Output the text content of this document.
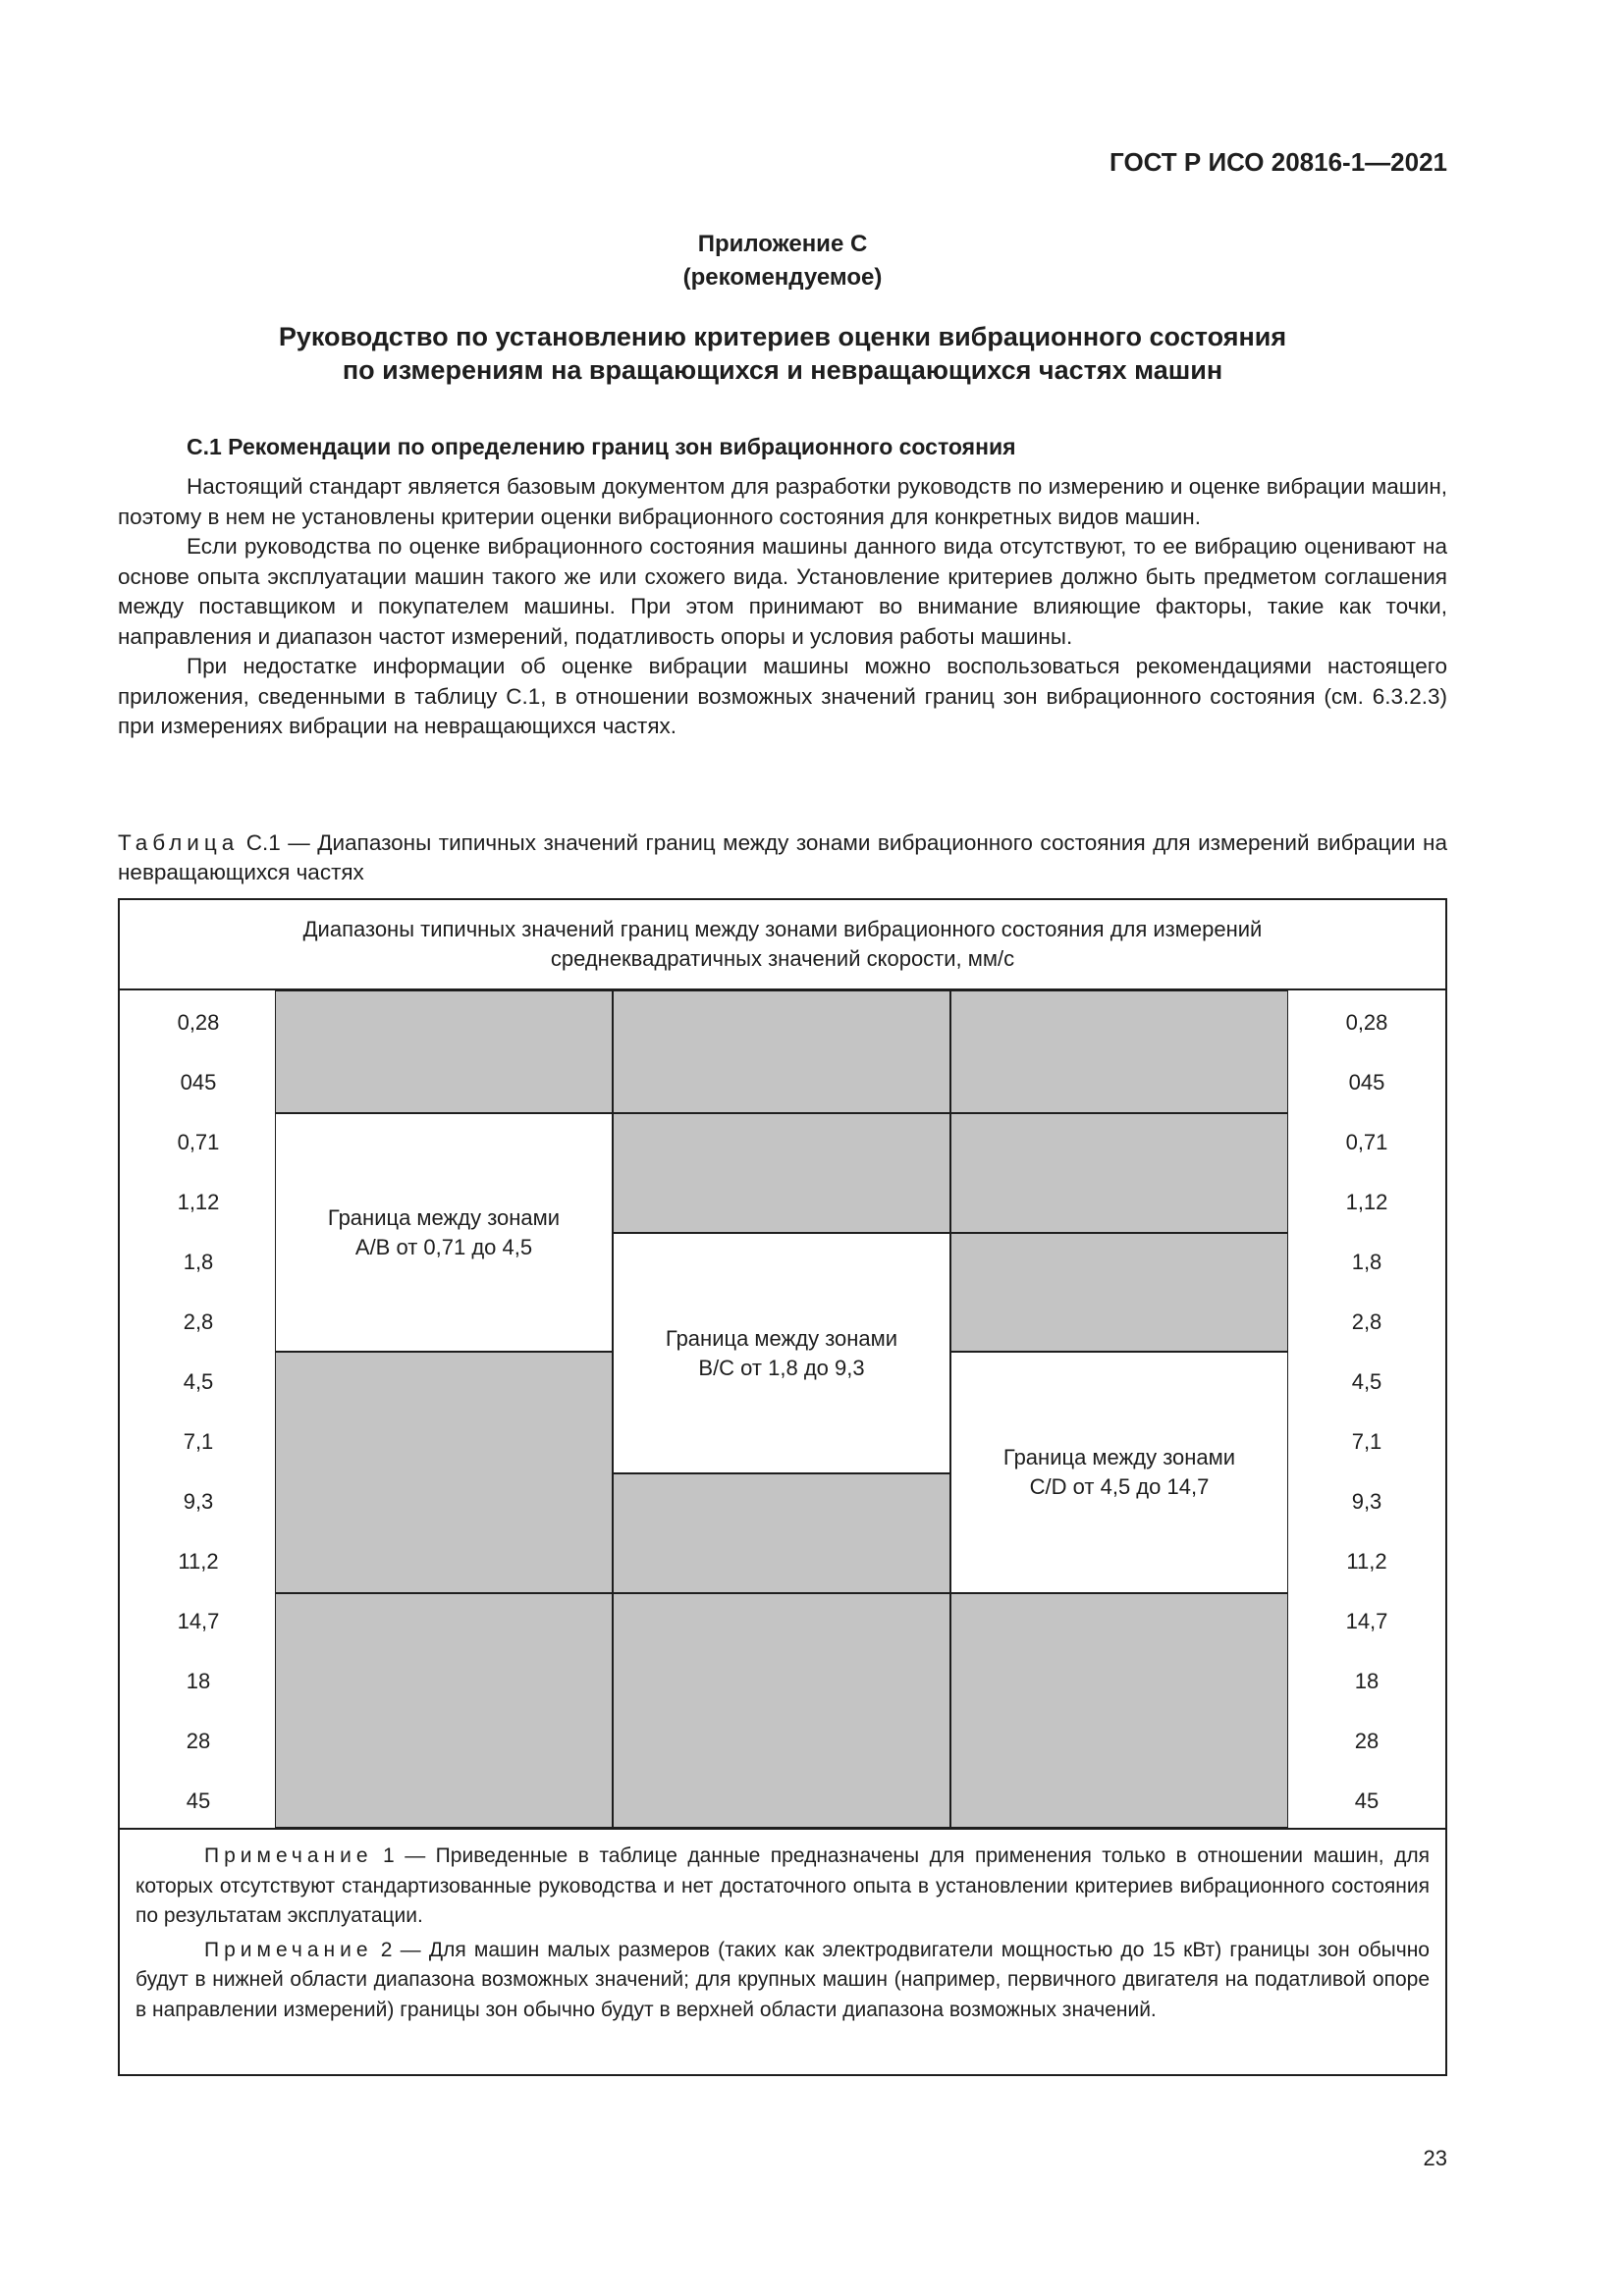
ГОСТ Р ИСО 20816-1—2021
Приложение С
(рекомендуемое)
Руководство по установлению критериев оценки вибрационного состояния
по измерениям на вращающихся и невращающихся частях машин
С.1 Рекомендации по определению границ зон вибрационного состояния

Настоящий стандарт является базовым документом для разработки руководств по измерению и оценке вибрации машин, поэтому в нем не установлены критерии оценки вибрационного состояния для конкретных видов машин.

Если руководства по оценке вибрационного состояния машины данного вида отсутствуют, то ее вибрацию оценивают на основе опыта эксплуатации машин такого же или схожего вида. Установление критериев должно быть предметом соглашения между поставщиком и покупателем машины. При этом принимают во внимание влияющие факторы, такие как точки, направления и диапазон частот измерений, податливость опоры и условия работы машины.

При недостатке информации об оценке вибрации машины можно воспользоваться рекомендациями настоящего приложения, сведенными в таблицу С.1, в отношении возможных значений границ зон вибрационного состояния (см. 6.3.2.3) при измерениях вибрации на невращающихся частях.

Таблица С.1 — Диапазоны типичных значений границ между зонами вибрационного состояния для измерений вибрации на невращающихся частях
Диапазоны типичных значений границ между зонами вибрационного состояния для измерений среднеквадратичных значений скорости, мм/с
0,28
045
0,71
1,12
1,8
2,8
4,5
7,1
9,3
11,2
14,7
18
28
45
0,28
045
0,71
1,12
1,8
2,8
4,5
7,1
9,3
11,2
14,7
18
28
45
Граница между зонами
А/В от 0,71 до 4,5
Граница между зонами
В/С от 1,8 до 9,3
Граница между зонами
C/D от 4,5 до 14,7

Примечание 1 — Приведенные в таблице данные предназначены для применения только в отношении машин, для которых отсутствуют стандартизованные руководства и нет достаточного опыта в установлении критериев вибрационного состояния по результатам эксплуатации.

Примечание 2 — Для машин малых размеров (таких как электродвигатели мощностью до 15 кВт) границы зон обычно будут в нижней области диапазона возможных значений; для крупных машин (например, первичного двигателя на податливой опоре в направлении измерений) границы зон обычно будут в верхней области диапазона возможных значений.

23
